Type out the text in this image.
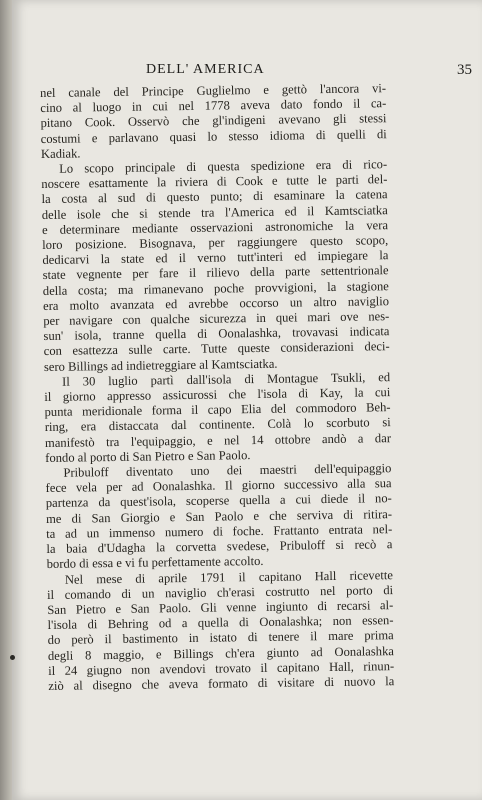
DELL' AMERICA	35
nel canale del Principe Guglielmo e gettò l'ancora vi-
cino al luogo in cui nel 1778 aveva dato fondo il ca-
pitano Cook. Osservò che gl'indigeni avevano gli stessi
costumi e parlavano quasi lo stesso idioma di quelli di
Kadiak.
Lo scopo principale di questa spedizione era di rico-
noscere esattamente la riviera di Cook e tutte le parti del-
la costa al sud di questo punto; di esaminare la catena
delle isole che si stende tra l'America ed il Kamtsciatka
e determinare mediante osservazioni astronomiche la vera
loro posizione. Bisognava, per raggiungere questo scopo,
dedicarvi la state ed il verno tutt'interi ed impiegare la
state vegnente per fare il rilievo della parte settentrionale
della costa; ma rimanevano poche provvigioni, la stagione
era molto avanzata ed avrebbe occorso un altro naviglio
per navigare con qualche sicurezza in quei mari ove nes-
sun' isola, tranne quella di Oonalashka, trovavasi indicata
con esattezza sulle carte. Tutte queste considerazioni deci-
sero Billings ad indietreggiare al Kamtsciatka.
Il 30 luglio partì dall'isola di Montague Tsukli, ed
il giorno appresso assicurossi che l'isola di Kay, la cui
punta meridionale forma il capo Elia del commodoro Beh-
ring, era distaccata dal continente. Colà lo scorbuto si
manifestò tra l'equipaggio, e nel 14 ottobre andò a dar
fondo al porto di San Pietro e San Paolo.
Pribuloff diventato uno dei maestri dell'equipaggio
fece vela per ad Oonalashka. Il giorno successivo alla sua
partenza da quest'isola, scoperse quella a cui diede il no-
me di San Giorgio e San Paolo e che serviva di ritira-
ta ad un immenso numero di foche. Frattanto entrata nel-
la baia d'Udagha la corvetta svedese, Pribuloff si recò a
bordo di essa e vi fu perfettamente accolto.
Nel mese di aprile 1791 il capitano Hall ricevette
il comando di un naviglio ch'erasi costrutto nel porto di
San Pietro e San Paolo. Gli venne ingiunto di recarsi al-
l'isola di Behring od a quella di Oonalashka; non essen-
do però il bastimento in istato di tenere il mare prima
degli 8 maggio, e Billings ch'era giunto ad Oonalashka
il 24 giugno non avendovi trovato il capitano Hall, rinun-
ziò al disegno che aveva formato di visitare di nuovo la
